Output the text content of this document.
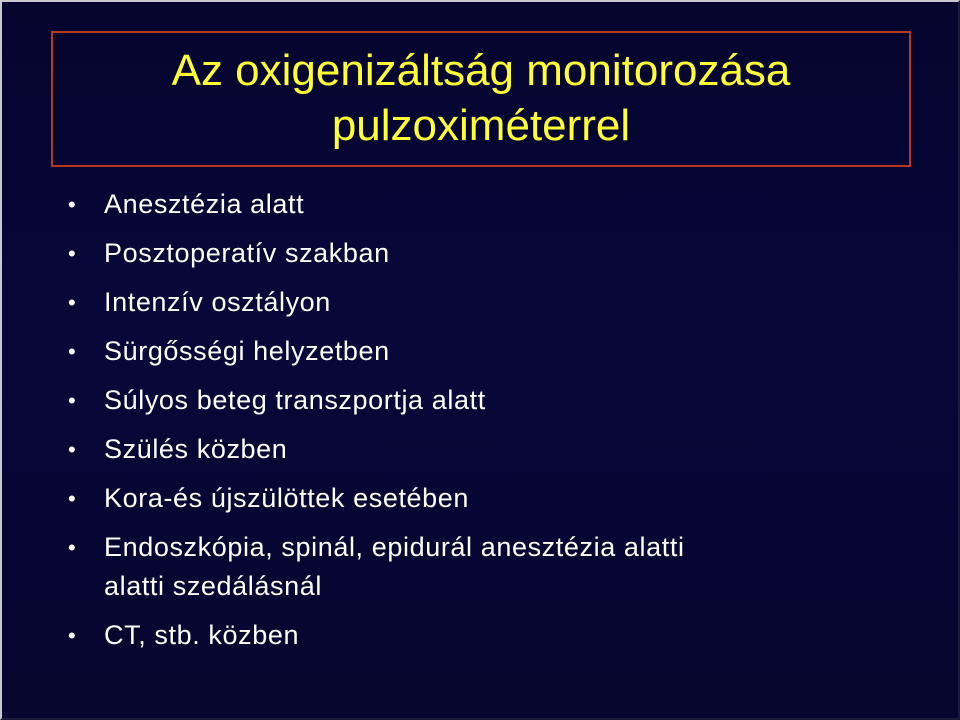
Az oxigenizáltság monitorozása
pulzoximéterrel
•	Anesztézia alatt
•	Posztoperatív szakban
•	Intenzív osztályon
•	Sürgősségi helyzetben
•	Súlyos beteg transzportja alatt
•	Szülés közben
•	Kora-és újszülöttek esetében
•	Endoszkópia, spinál, epidurál anesztézia alatti
alatti szedálásnál
•	CT, stb. közben
